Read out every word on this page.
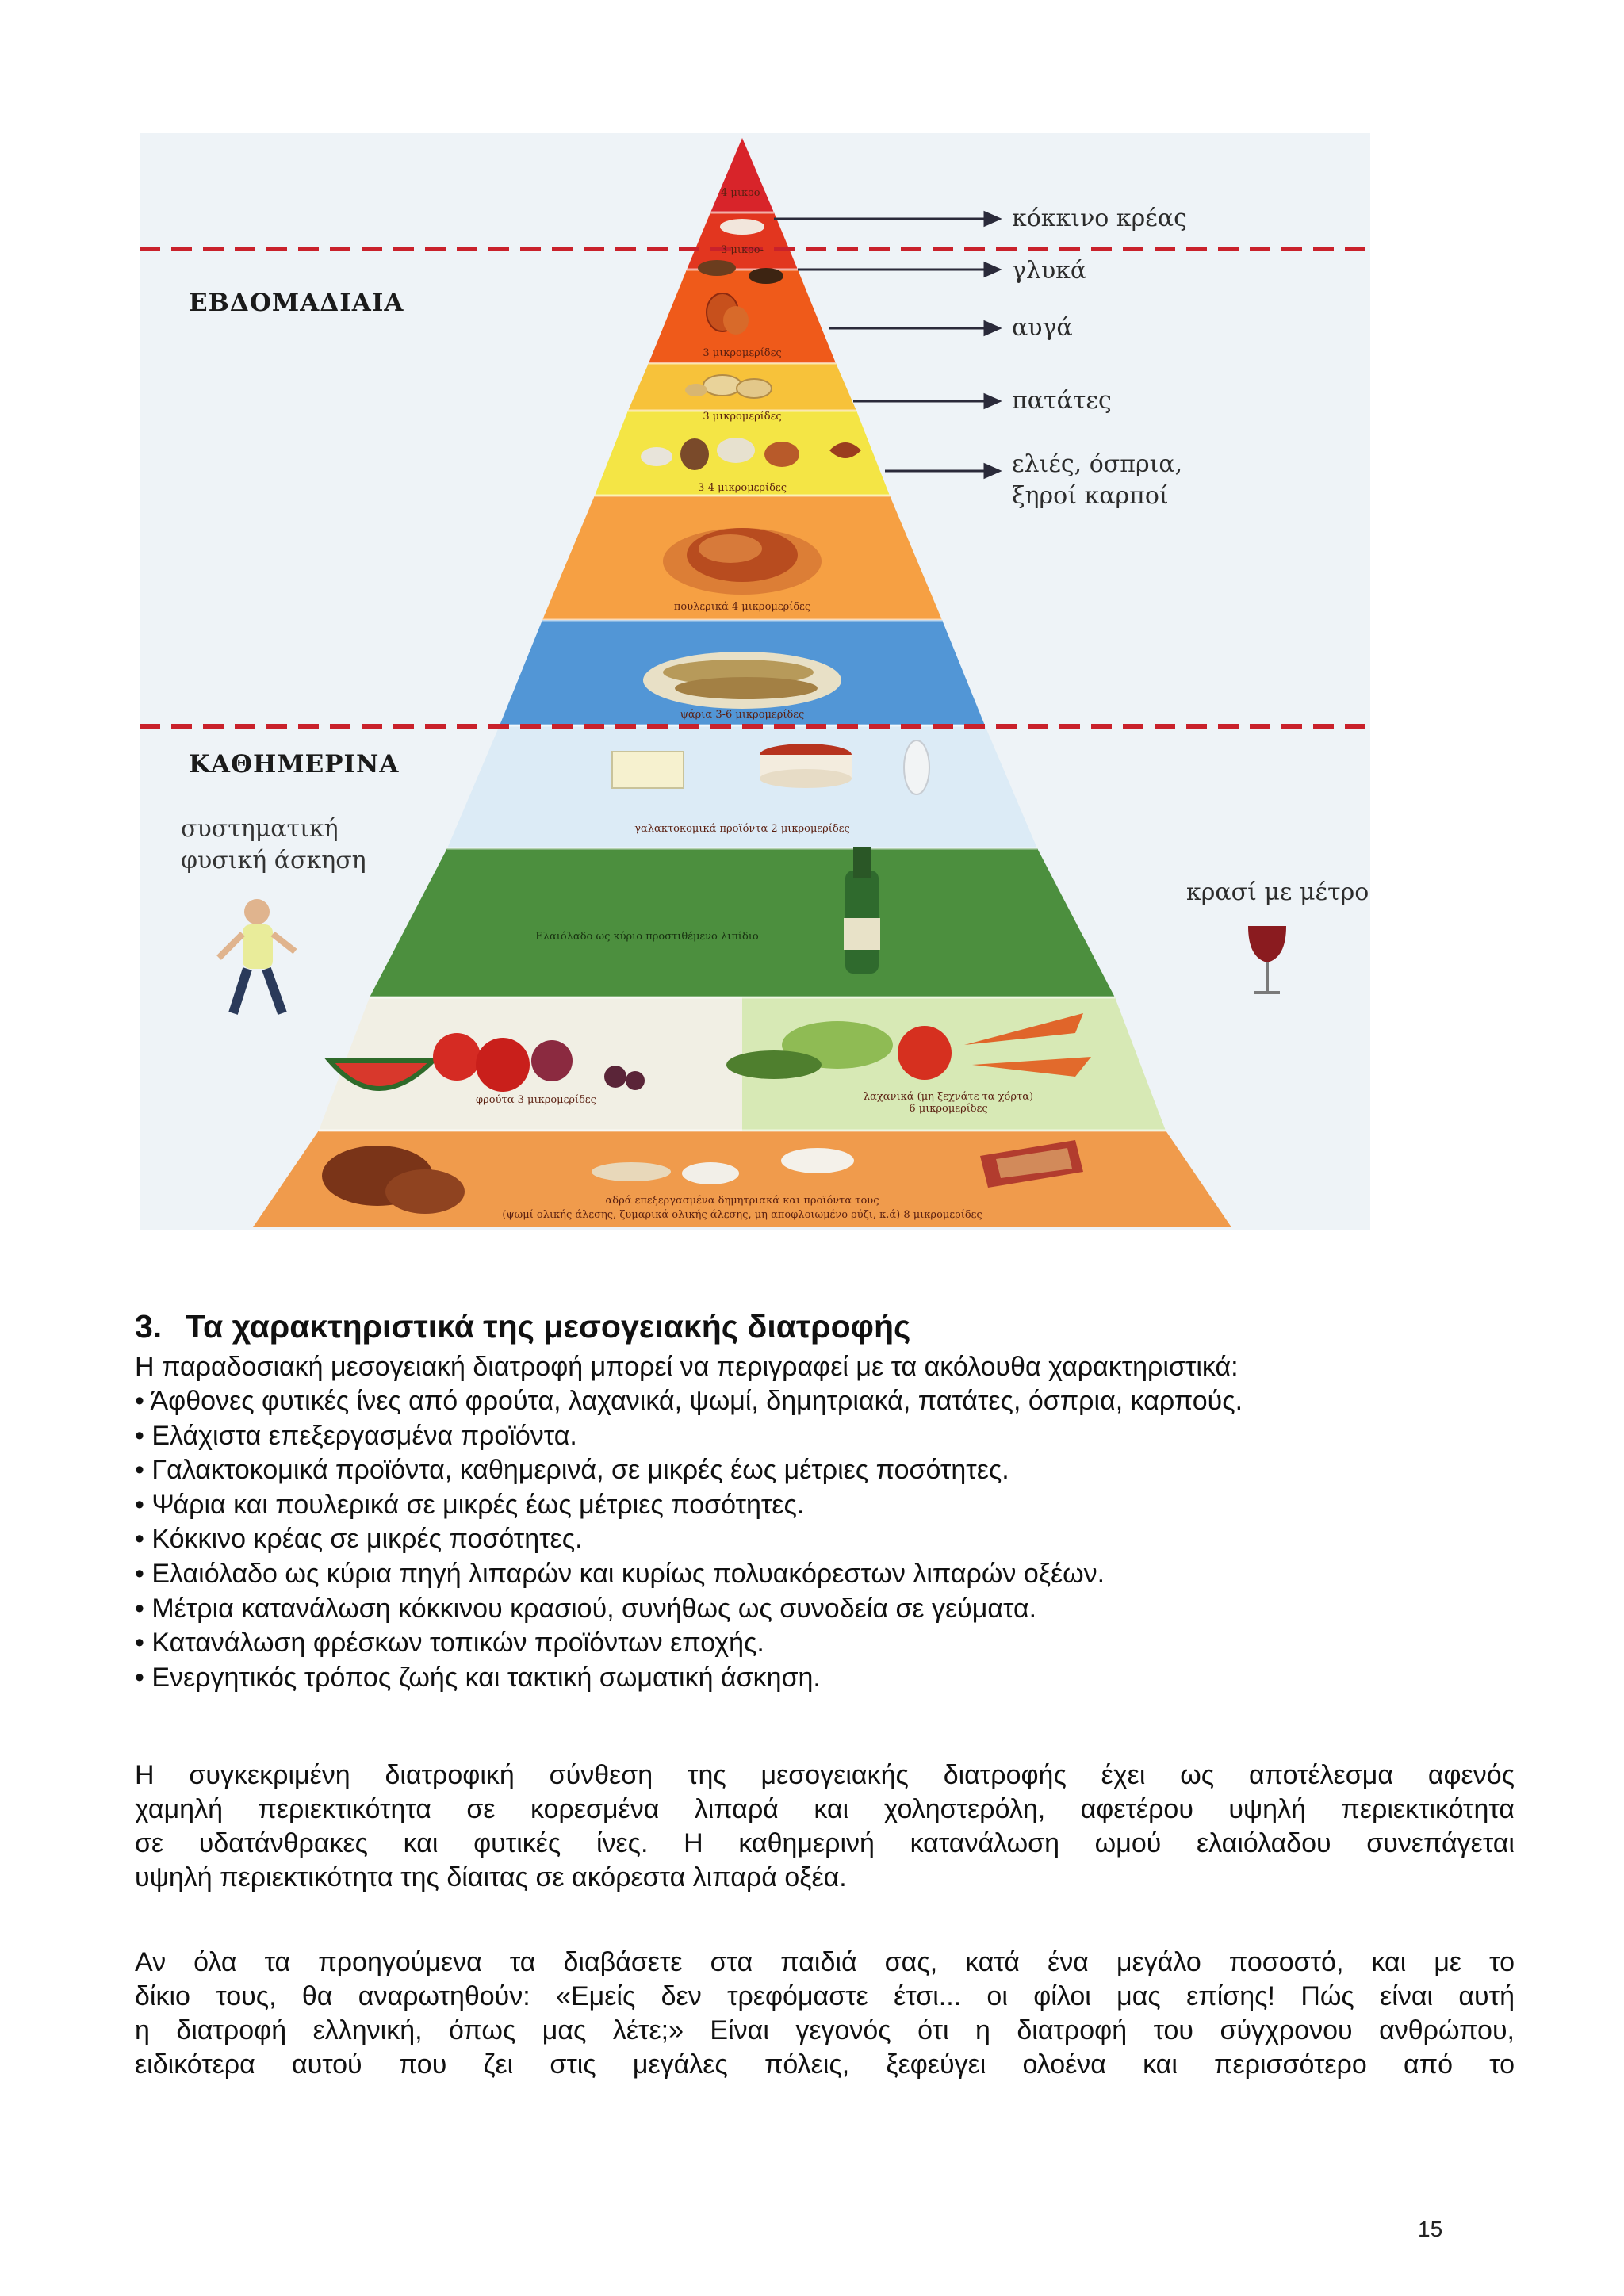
ΕΒΔΟΜΑΔΙΑΙΑ
ΚΑΘΗΜΕΡΙΝΑ
συστηματική
φυσική άσκηση
κόκκινο κρέας
γλυκά
αυγά
πατάτες
ελιές, όσπρια,
ξηροί καρποί
κρασί με μέτρο
4 μικρο-
3 μικρο-
3 μικρομερίδες
3 μικρομερίδες
3-4 μικρομερίδες
πουλερικά 4 μικρομερίδες
ψάρια 3-6 μικρομερίδες
γαλακτοκομικά προϊόντα 2 μικρομερίδες
Ελαιόλαδο ως κύριο προστιθέμενο λιπίδιο
φρούτα 3 μικρομερίδες	λαχανικά (μη ξεχνάτε τα χόρτα)
6 μικρομερίδες
αδρά επεξεργασμένα δημητριακά και προϊόντα τους
(ψωμί ολικής άλεσης, ζυμαρικά ολικής άλεσης, μη αποφλοιωμένο ρύζι, κ.ά) 8 μικρομερίδες
3. Τα χαρακτηριστικά της μεσογειακής διατροφής
Η παραδοσιακή μεσογειακή διατροφή μπορεί να περιγραφεί με τα ακόλουθα χαρακτηριστικά:
• Άφθονες φυτικές ίνες από φρούτα, λαχανικά, ψωμί, δημητριακά, πατάτες, όσπρια, καρπούς.
• Ελάχιστα επεξεργασμένα προϊόντα.
• Γαλακτοκομικά προϊόντα, καθημερινά, σε μικρές έως μέτριες ποσότητες.
• Ψάρια και πουλερικά σε μικρές έως μέτριες ποσότητες.
• Κόκκινο κρέας σε μικρές ποσότητες.
• Ελαιόλαδο ως κύρια πηγή λιπαρών και κυρίως πολυακόρεστων λιπαρών οξέων.
• Μέτρια κατανάλωση κόκκινου κρασιού, συνήθως ως συνοδεία σε γεύματα.
• Κατανάλωση φρέσκων τοπικών προϊόντων εποχής.
• Ενεργητικός τρόπος ζωής και τακτική σωματική άσκηση.
Η συγκεκριμένη διατροφική σύνθεση της μεσογειακής διατροφής έχει ως αποτέλεσμα αφενός
χαμηλή περιεκτικότητα σε κορεσμένα λιπαρά και χοληστερόλη, αφετέρου υψηλή περιεκτικότητα
σε υδατάνθρακες και φυτικές ίνες. Η καθημερινή κατανάλωση ωμού ελαιόλαδου συνεπάγεται
υψηλή περιεκτικότητα της δίαιτας σε ακόρεστα λιπαρά οξέα.
Αν όλα τα προηγούμενα τα διαβάσετε στα παιδιά σας, κατά ένα μεγάλο ποσοστό, και με το
δίκιο τους, θα αναρωτηθούν: «Εμείς δεν τρεφόμαστε έτσι... οι φίλοι μας επίσης! Πώς είναι αυτή
η διατροφή ελληνική, όπως μας λέτε;» Είναι γεγονός ότι η διατροφή του σύγχρονου ανθρώπου,
ειδικότερα αυτού που ζει στις μεγάλες πόλεις, ξεφεύγει ολοένα και περισσότερο από το
15
